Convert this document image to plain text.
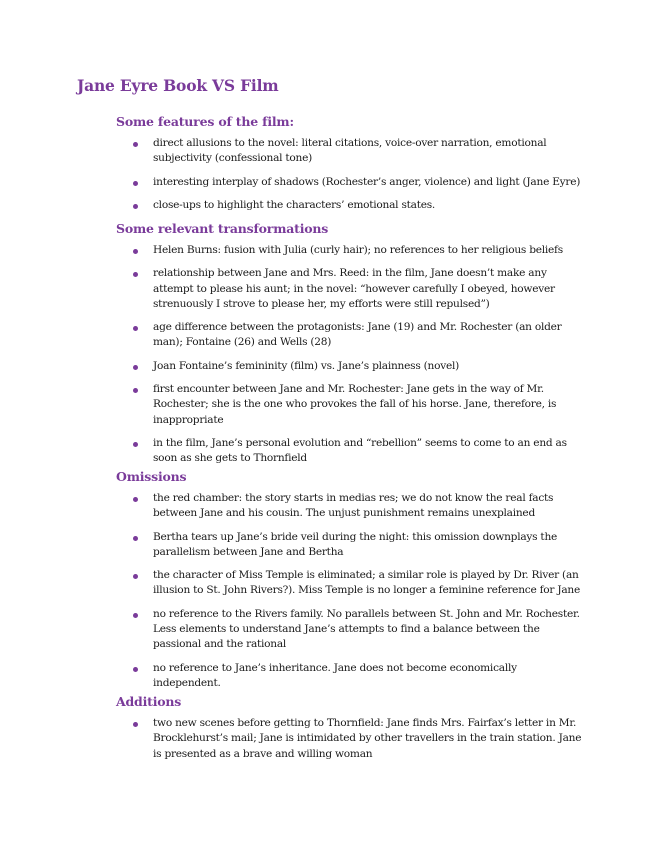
Jane Eyre Book VS Film
Some features of the film:
direct allusions to the novel: literal citations, voice-over narration, emotional subjectivity (confessional tone)
interesting interplay of shadows (Rochester’s anger, violence) and light (Jane Eyre)
close-ups to highlight the characters’ emotional states.
Some relevant transformations
Helen Burns: fusion with Julia (curly hair); no references to her religious beliefs
relationship between Jane and Mrs. Reed: in the film, Jane doesn’t make any attempt to please his aunt; in the novel: “however carefully I obeyed, however strenuously I strove to please her, my efforts were still repulsed”)
age difference between the protagonists: Jane (19) and Mr. Rochester (an older man); Fontaine (26) and Wells (28)
Joan Fontaine’s femininity (film) vs. Jane’s plainness (novel)
first encounter between Jane and Mr. Rochester: Jane gets in the way of Mr. Rochester; she is the one who provokes the fall of his horse. Jane, therefore, is inappropriate
in the film, Jane’s personal evolution and “rebellion” seems to come to an end as soon as she gets to Thornfield
Omissions
the red chamber: the story starts in medias res; we do not know the real facts between Jane and his cousin. The unjust punishment remains unexplained
Bertha tears up Jane’s bride veil during the night: this omission downplays the parallelism between Jane and Bertha
the character of Miss Temple is eliminated; a similar role is played by Dr. River (an illusion to St. John Rivers?). Miss Temple is no longer a feminine reference for Jane
no reference to the Rivers family. No parallels between St. John and Mr. Rochester. Less elements to understand Jane’s attempts to find a balance between the passional and the rational
no reference to Jane’s inheritance. Jane does not become economically independent.
Additions
two new scenes before getting to Thornfield: Jane finds Mrs. Fairfax’s letter in Mr. Brocklehurst’s mail; Jane is intimidated by other travellers in the train station. Jane is presented as a brave and willing woman
